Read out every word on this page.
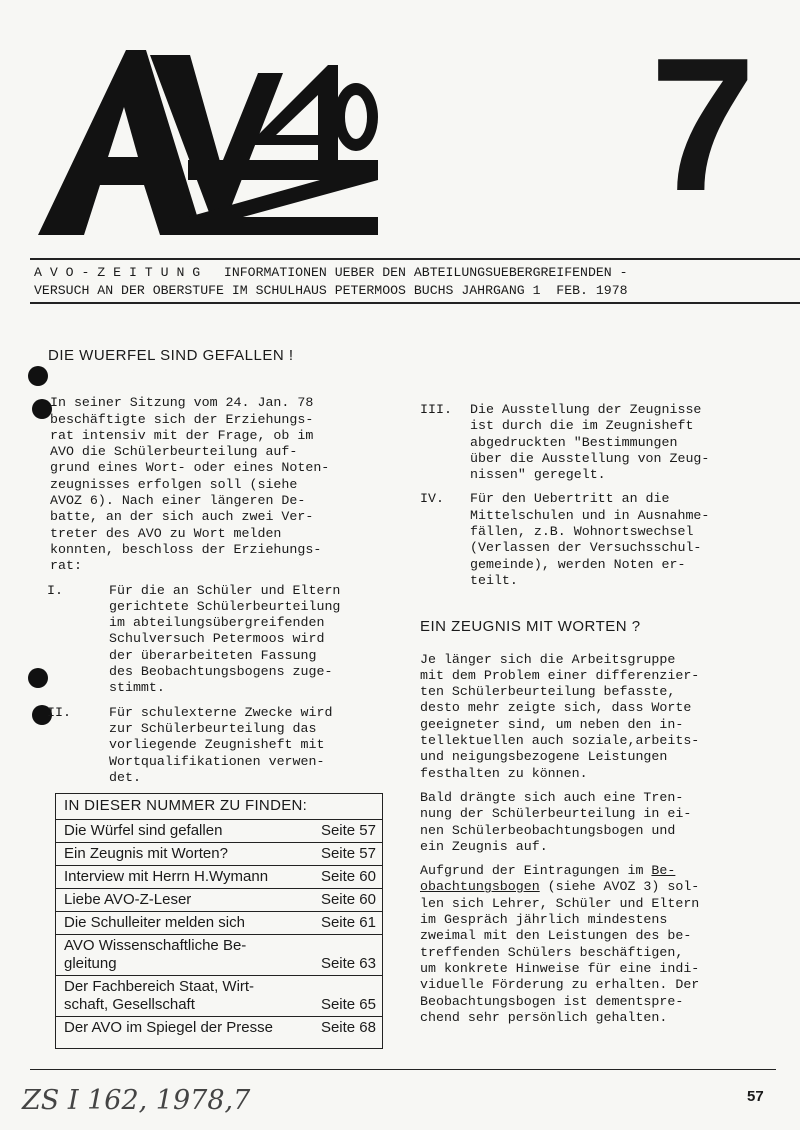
7
A V O - Z E I T U N G   INFORMATIONEN UEBER DEN ABTEILUNGSUEBERGREIFENDEN -
VERSUCH AN DER OBERSTUFE IM SCHULHAUS PETERMOOS BUCHS JAHRGANG 1  FEB. 1978
DIE WUERFEL SIND GEFALLEN !

In seiner Sitzung vom 24. Jan. 78

beschäftigte sich der Erziehungs-

rat intensiv mit der Frage, ob im

AVO die Schülerbeurteilung auf-

grund eines Wort- oder eines Noten-

zeugnisses erfolgen soll (siehe

AVOZ 6). Nach einer längeren De-

batte, an der sich auch zwei Ver-

treter des AVO zu Wort melden

konnten, beschloss der Erziehungs-

rat:

I.	Für die an Schüler und Eltern

gerichtete Schülerbeurteilung

im abteilungsübergreifenden

Schulversuch Petermoos wird

der überarbeiteten Fassung

des Beobachtungsbogens zuge-

stimmt.

II.	Für schulexterne Zwecke wird

zur Schülerbeurteilung das

vorliegende Zeugnisheft mit

Wortqualifikationen verwen-

det.

IN DIESER NUMMER ZU FINDEN:
Die Würfel sind gefallen	Seite 57
Ein Zeugnis mit Worten?	Seite 57
Interview mit Herrn H.Wymann	Seite 60
Liebe AVO-Z-Leser	Seite 60
Die Schulleiter melden sich	Seite 61
AVO Wissenschaftliche Be-
gleitung	Seite 63
Der Fachbereich Staat, Wirt-
schaft, Gesellschaft	Seite 65
Der AVO im Spiegel der Presse	Seite 68
III.	Die Ausstellung der Zeugnisse

ist durch die im Zeugnisheft

abgedruckten "Bestimmungen

über die Ausstellung von Zeug-

nissen" geregelt.

IV.	Für den Uebertritt an die

Mittelschulen und in Ausnahme-

fällen, z.B. Wohnortswechsel

(Verlassen der Versuchsschul-

gemeinde), werden Noten er-

teilt.

EIN ZEUGNIS MIT WORTEN ?

Je länger sich die Arbeitsgruppe

mit dem Problem einer differenzier-

ten Schülerbeurteilung befasste,

desto mehr zeigte sich, dass Worte

geeigneter sind, um neben den in-

tellektuellen auch soziale,arbeits-

und neigungsbezogene Leistungen

festhalten zu können.

Bald drängte sich auch eine Tren-

nung der Schülerbeurteilung in ei-

nen Schülerbeobachtungsbogen und

ein Zeugnis auf.

Aufgrund der Eintragungen im Be-

obachtungsbogen (siehe AVOZ 3) sol-

len sich Lehrer, Schüler und Eltern

im Gespräch jährlich mindestens

zweimal mit den Leistungen des be-

treffenden Schülers beschäftigen,

um konkrete Hinweise für eine indi-

viduelle Förderung zu erhalten. Der

Beobachtungsbogen ist dementspre-

chend sehr persönlich gehalten.

ZS I 162, 1978,7	57
